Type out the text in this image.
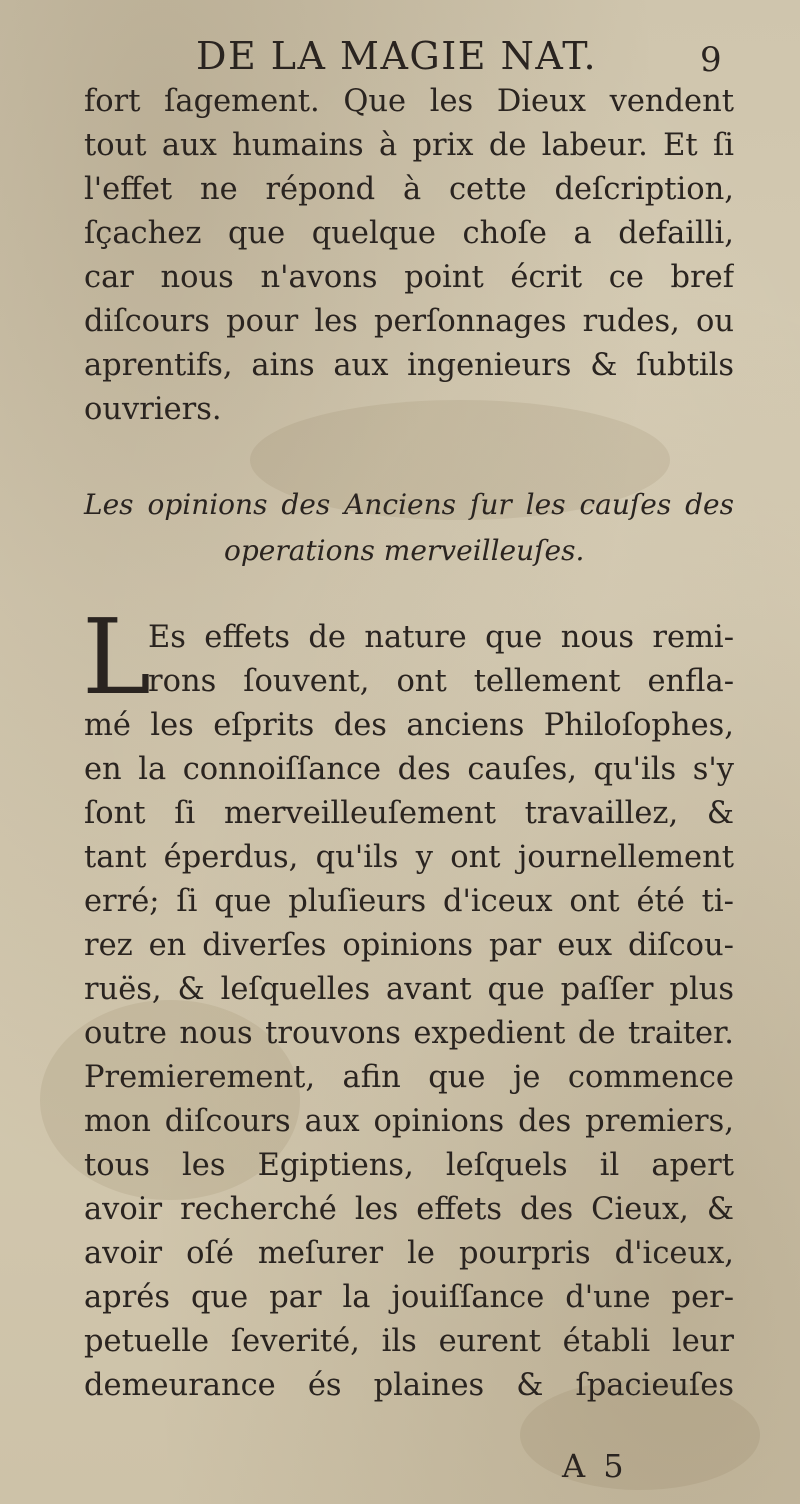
DE LA MAGIE NAT.	9
fort ſagement. Que les Dieux vendent
tout aux humains à prix de labeur. Et ſi
l'effet ne répond à cette deſcription,
ſçachez que quelque choſe a defailli,
car nous n'avons point écrit ce bref
diſcours pour les perſonnages rudes, ou
aprentifs, ains aux ingenieurs & ſubtils
ouvriers.
Les opinions des Anciens ſur les cauſes des
operations merveilleuſes.
L
Es effets de nature que nous remi-
rons ſouvent, ont tellement enfla-
mé les eſprits des anciens Philoſophes,
en la connoiſſance des cauſes, qu'ils s'y
ſont ſi merveilleuſement travaillez, &
tant éperdus, qu'ils y ont journellement
erré; ſi que pluſieurs d'iceux ont été ti-
rez en diverſes opinions par eux diſcou-
ruës, & leſquelles avant que paſſer plus
outre nous trouvons expedient de traiter.
Premierement, afin que je commence
mon diſcours aux opinions des premiers,
tous les Egiptiens, leſquels il apert
avoir recherché les effets des Cieux, &
avoir oſé meſurer le pourpris d'iceux,
aprés que par la jouiſſance d'une per-
petuelle ſeverité, ils eurent établi leur
demeurance és plaines & ſpacieuſes
A 5
